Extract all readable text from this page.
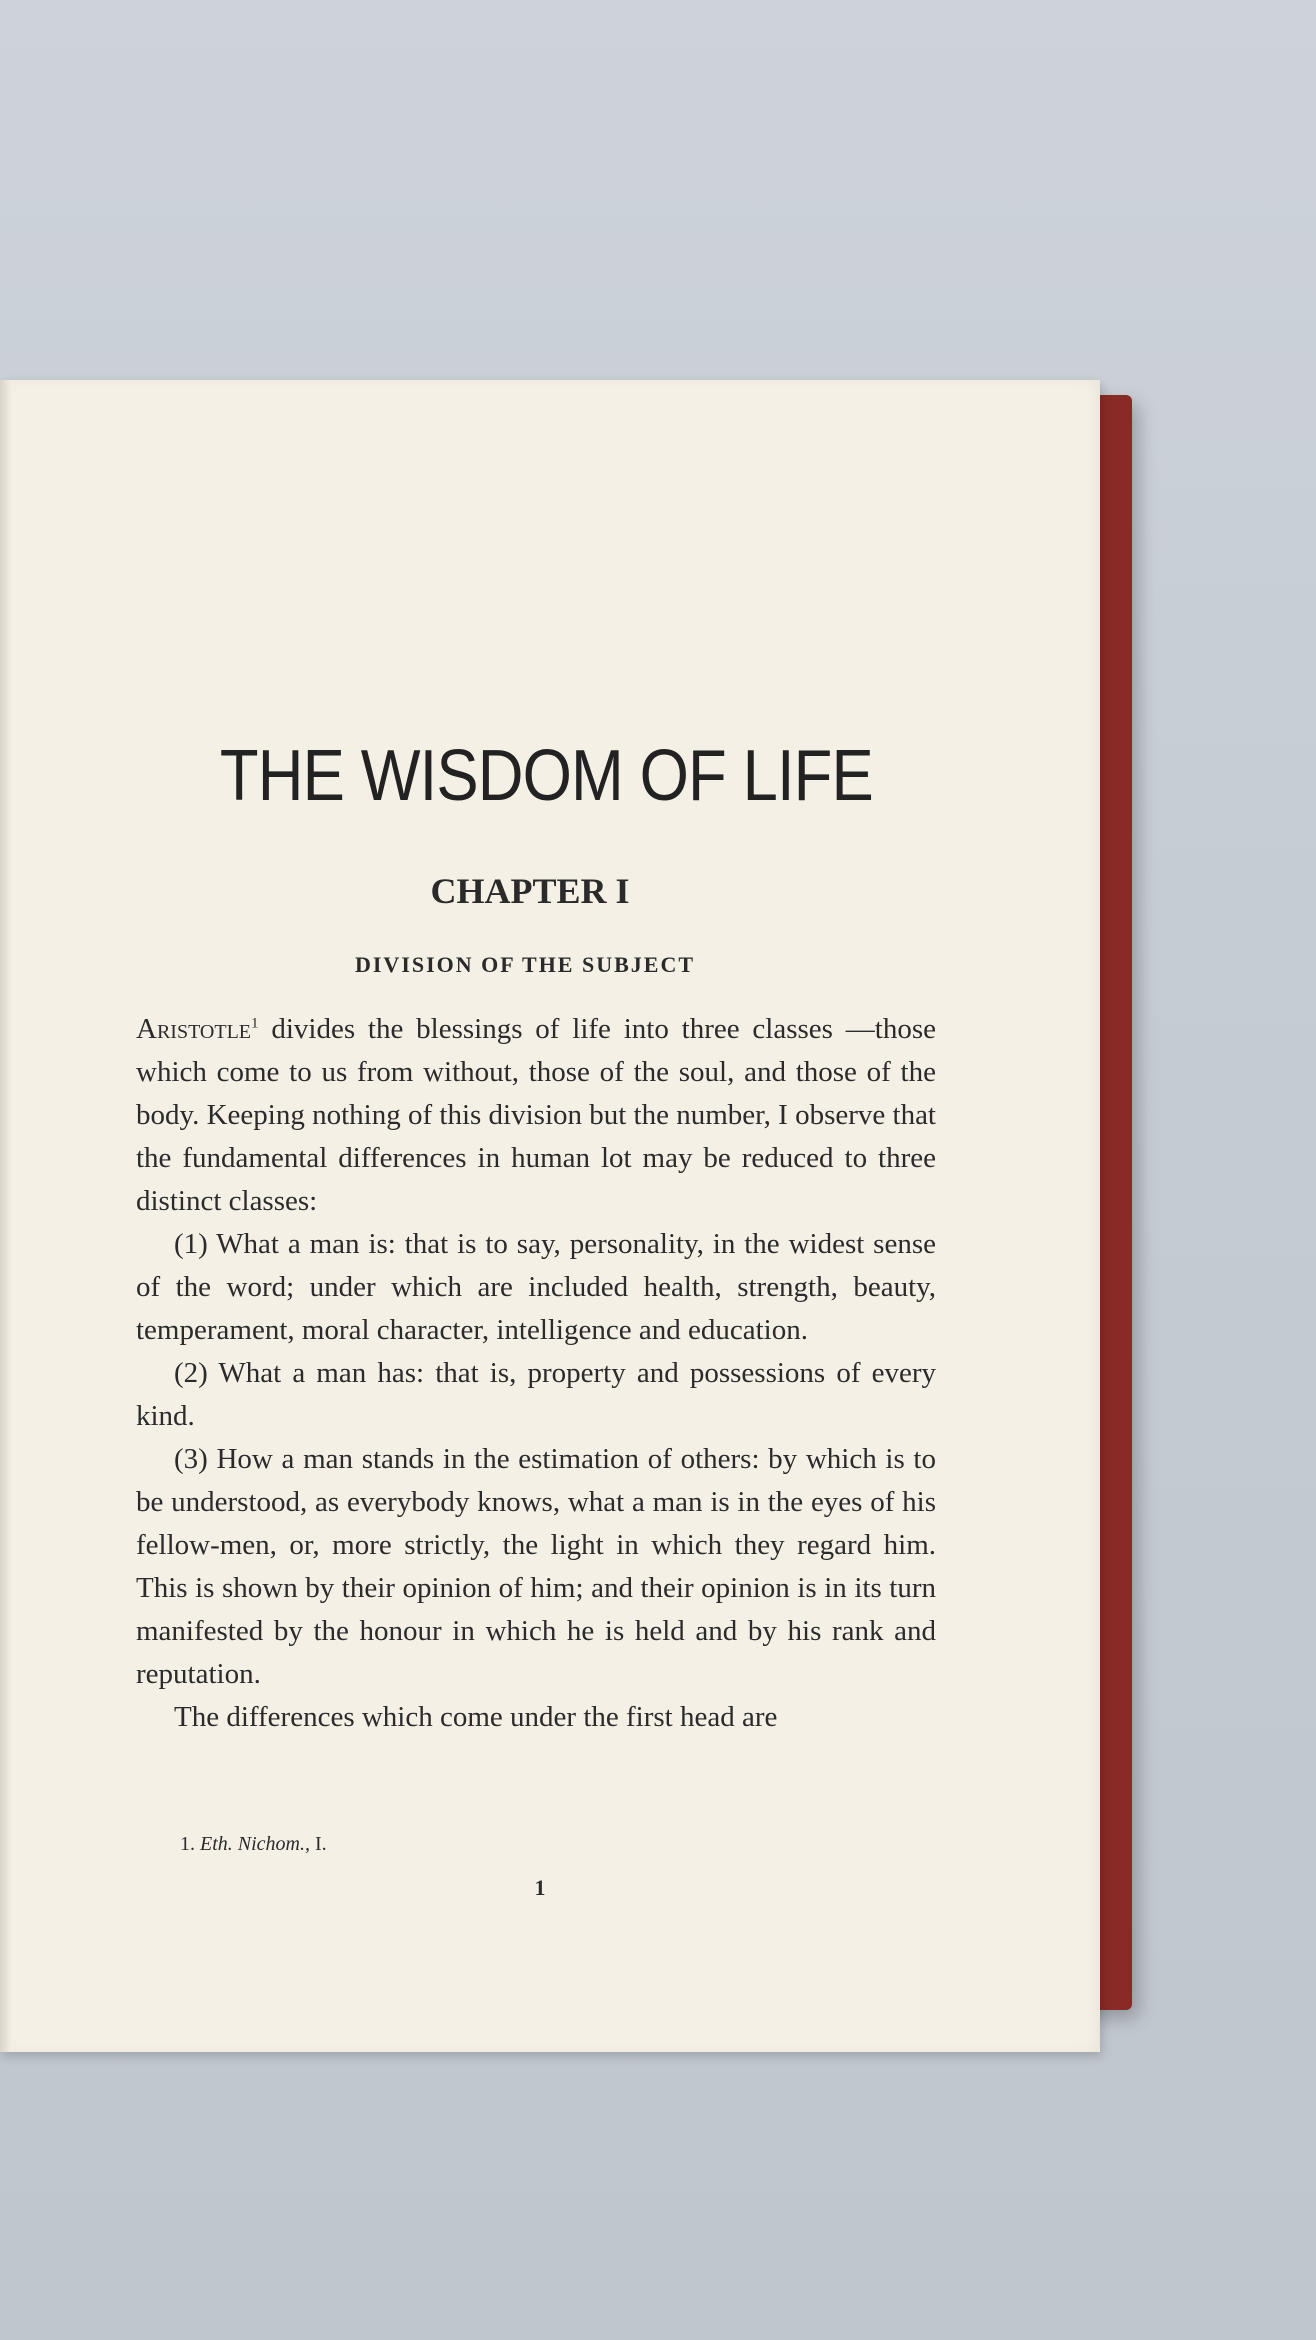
THE WISDOM OF LIFE
CHAPTER I
DIVISION OF THE SUBJECT

Aristotle$^1$ divides the blessings of life into three classes —those which come to us from without, those of the soul, and those of the body. Keeping nothing of this division but the number, I observe that the fundamental differences in human lot may be reduced to three distinct classes:

(1) What a man is: that is to say, personality, in the widest sense of the word; under which are included health, strength, beauty, temperament, moral character, intelligence and education.

(2) What a man has: that is, property and possessions of every kind.

(3) How a man stands in the estimation of others: by which is to be understood, as everybody knows, what a man is in the eyes of his fellow-men, or, more strictly, the light in which they regard him. This is shown by their opinion of him; and their opinion is in its turn manifested by the honour in which he is held and by his rank and reputation.

The differences which come under the first head are

1. Eth. Nichom., I.
1
